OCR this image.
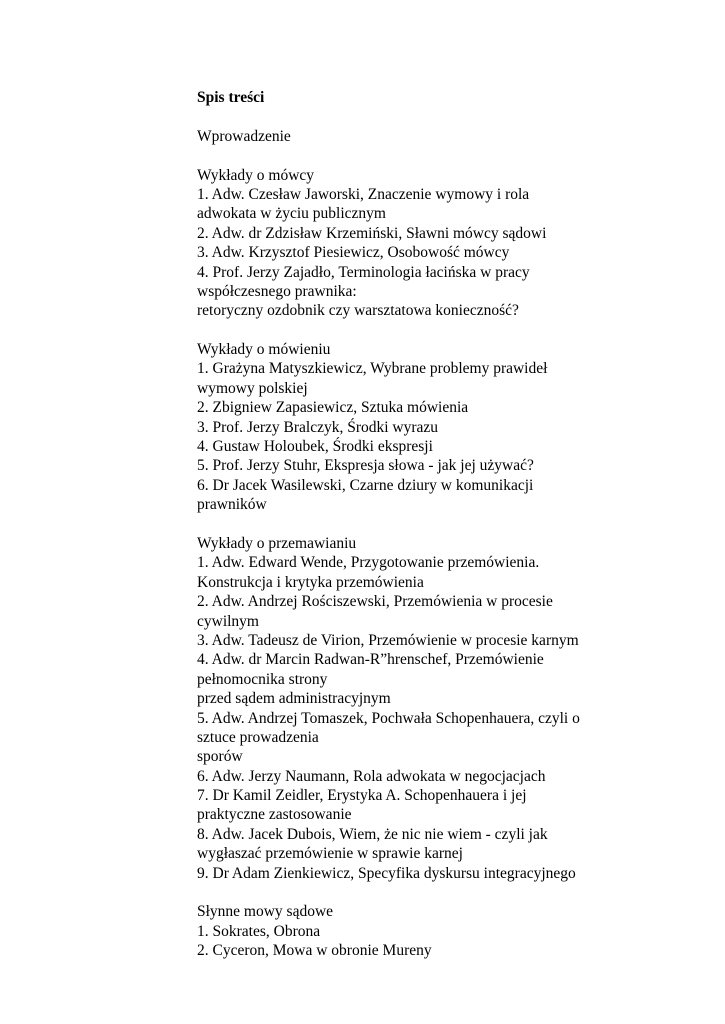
Spis treści

Wprowadzenie

Wykłady o mówcy

1. Adw. Czesław Jaworski, Znaczenie wymowy i rola

adwokata w życiu publicznym

2. Adw. dr Zdzisław Krzemiński, Sławni mówcy sądowi

3. Adw. Krzysztof Piesiewicz, Osobowość mówcy

4. Prof. Jerzy Zajadło, Terminologia łacińska w pracy

współczesnego prawnika:

retoryczny ozdobnik czy warsztatowa konieczność?

Wykłady o mówieniu

1. Grażyna Matyszkiewicz, Wybrane problemy prawideł

wymowy polskiej

2. Zbigniew Zapasiewicz, Sztuka mówienia

3. Prof. Jerzy Bralczyk, Środki wyrazu

4. Gustaw Holoubek, Środki ekspresji

5. Prof. Jerzy Stuhr, Ekspresja słowa - jak jej używać?

6. Dr Jacek Wasilewski, Czarne dziury w komunikacji

prawników

Wykłady o przemawianiu

1. Adw. Edward Wende, Przygotowanie przemówienia.

Konstrukcja i krytyka przemówienia

2. Adw. Andrzej Rościszewski, Przemówienia w procesie

cywilnym

3. Adw. Tadeusz de Virion, Przemówienie w procesie karnym

4. Adw. dr Marcin Radwan-R”hrenschef, Przemówienie

pełnomocnika strony

przed sądem administracyjnym

5. Adw. Andrzej Tomaszek, Pochwała Schopenhauera, czyli o

sztuce prowadzenia

sporów

6. Adw. Jerzy Naumann, Rola adwokata w negocjacjach

7. Dr Kamil Zeidler, Erystyka A. Schopenhauera i jej

praktyczne zastosowanie

8. Adw. Jacek Dubois, Wiem, że nic nie wiem - czyli jak

wygłaszać przemówienie w sprawie karnej

9. Dr Adam Zienkiewicz, Specyfika dyskursu integracyjnego

Słynne mowy sądowe

1. Sokrates, Obrona

2. Cyceron, Mowa w obronie Mureny
